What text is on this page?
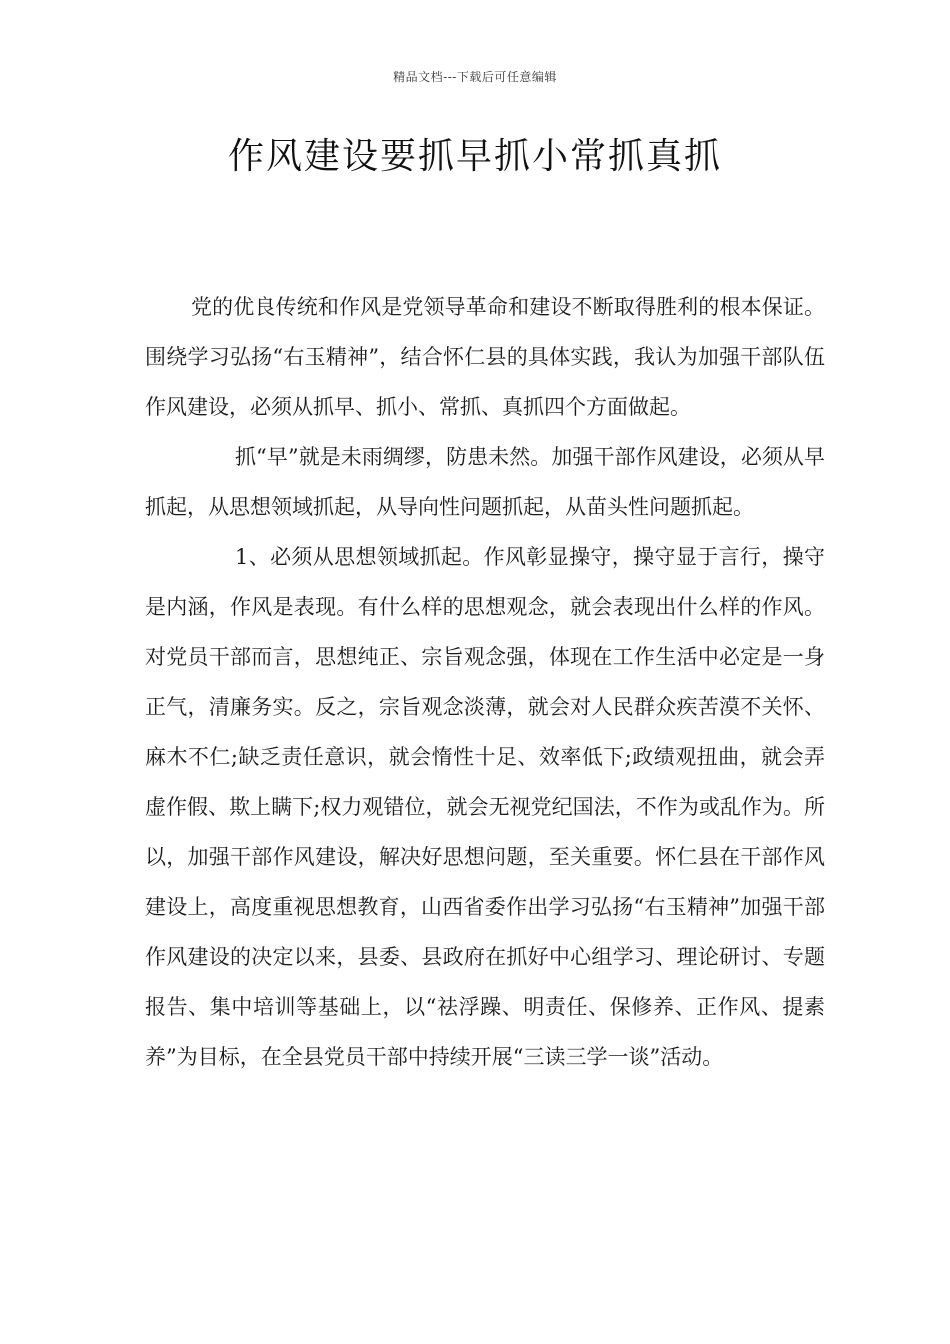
精品文档---下载后可任意编辑
作风建设要抓早抓小常抓真抓

党的优良传统和作风是党领导革命和建设不断取得胜利的根本保证。围绕学习弘扬“右玉精神”，结合怀仁县的具体实践，我认为加强干部队伍作风建设，必须从抓早、抓小、常抓、真抓四个方面做起。

抓“早”就是未雨绸缪，防患未然。加强干部作风建设，必须从早抓起，从思想领域抓起，从导向性问题抓起，从苗头性问题抓起。

1、必须从思想领域抓起。作风彰显操守，操守显于言行，操守是内涵，作风是表现。有什么样的思想观念，就会表现出什么样的作风。对党员干部而言，思想纯正、宗旨观念强，体现在工作生活中必定是一身正气，清廉务实。反之，宗旨观念淡薄，就会对人民群众疾苦漠不关怀、麻木不仁;缺乏责任意识，就会惰性十足、效率低下;政绩观扭曲，就会弄虚作假、欺上瞒下;权力观错位，就会无视党纪国法，不作为或乱作为。所以，加强干部作风建设，解决好思想问题，至关重要。怀仁县在干部作风建设上，高度重视思想教育，山西省委作出学习弘扬“右玉精神”加强干部作风建设的决定以来，县委、县政府在抓好中心组学习、理论研讨、专题报告、集中培训等基础上，以“祛浮躁、明责任、保修养、正作风、提素养”为目标，在全县党员干部中持续开展“三读三学一谈”活动。
